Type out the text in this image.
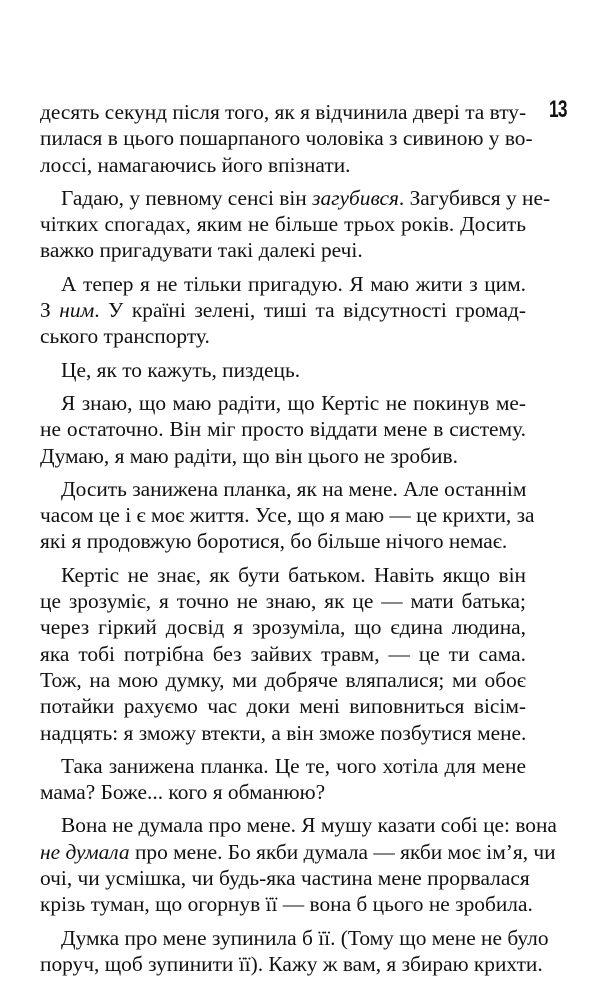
13
десять секунд після того, як я відчинила двері та вту-
пилася в цього пошарпаного чоловіка з сивиною у во-
лоссі, намагаючись його впізнати.
Гадаю, у певному сенсі він загубився. Загубився у не-
чітких спогадах, яким не більше трьох років. Досить
важко пригадувати такі далекі речі.
А тепер я не тільки пригадую. Я маю жити з цим.
З ним. У країні зелені, тиші та відсутності громад-
ського транспорту.
Це, як то кажуть, пиздець.
Я знаю, що маю радіти, що Кертіс не покинув ме-
не остаточно. Він міг просто віддати мене в систему.
Думаю, я маю радіти, що він цього не зробив.
Досить занижена планка, як на мене. Але останнім
часом це і є моє життя. Усе, що я маю — це крихти, за
які я продовжую боротися, бо більше нічого немає.
Кертіс не знає, як бути батьком. Навіть якщо він
це зрозуміє, я точно не знаю, як це — мати батька;
через гіркий досвід я зрозуміла, що єдина людина,
яка тобі потрібна без зайвих травм, — це ти сама.
Тож, на мою думку, ми добряче вляпалися; ми обоє
потайки рахуємо час доки мені виповниться вісім-
надцять: я зможу втекти, а він зможе позбутися мене.
Така занижена планка. Це те, чого хотіла для мене
мама? Боже... кого я обманюю?
Вона не думала про мене. Я мушу казати собі це: вона
не думала про мене. Бо якби думала — якби моє ім’я, чи
очі, чи усмішка, чи будь-яка частина мене прорвалася
крізь туман, що огорнув її — вона б цього не зробила.
Думка про мене зупинила б її. (Тому що мене не було
поруч, щоб зупинити її). Кажу ж вам, я збираю крихти.
